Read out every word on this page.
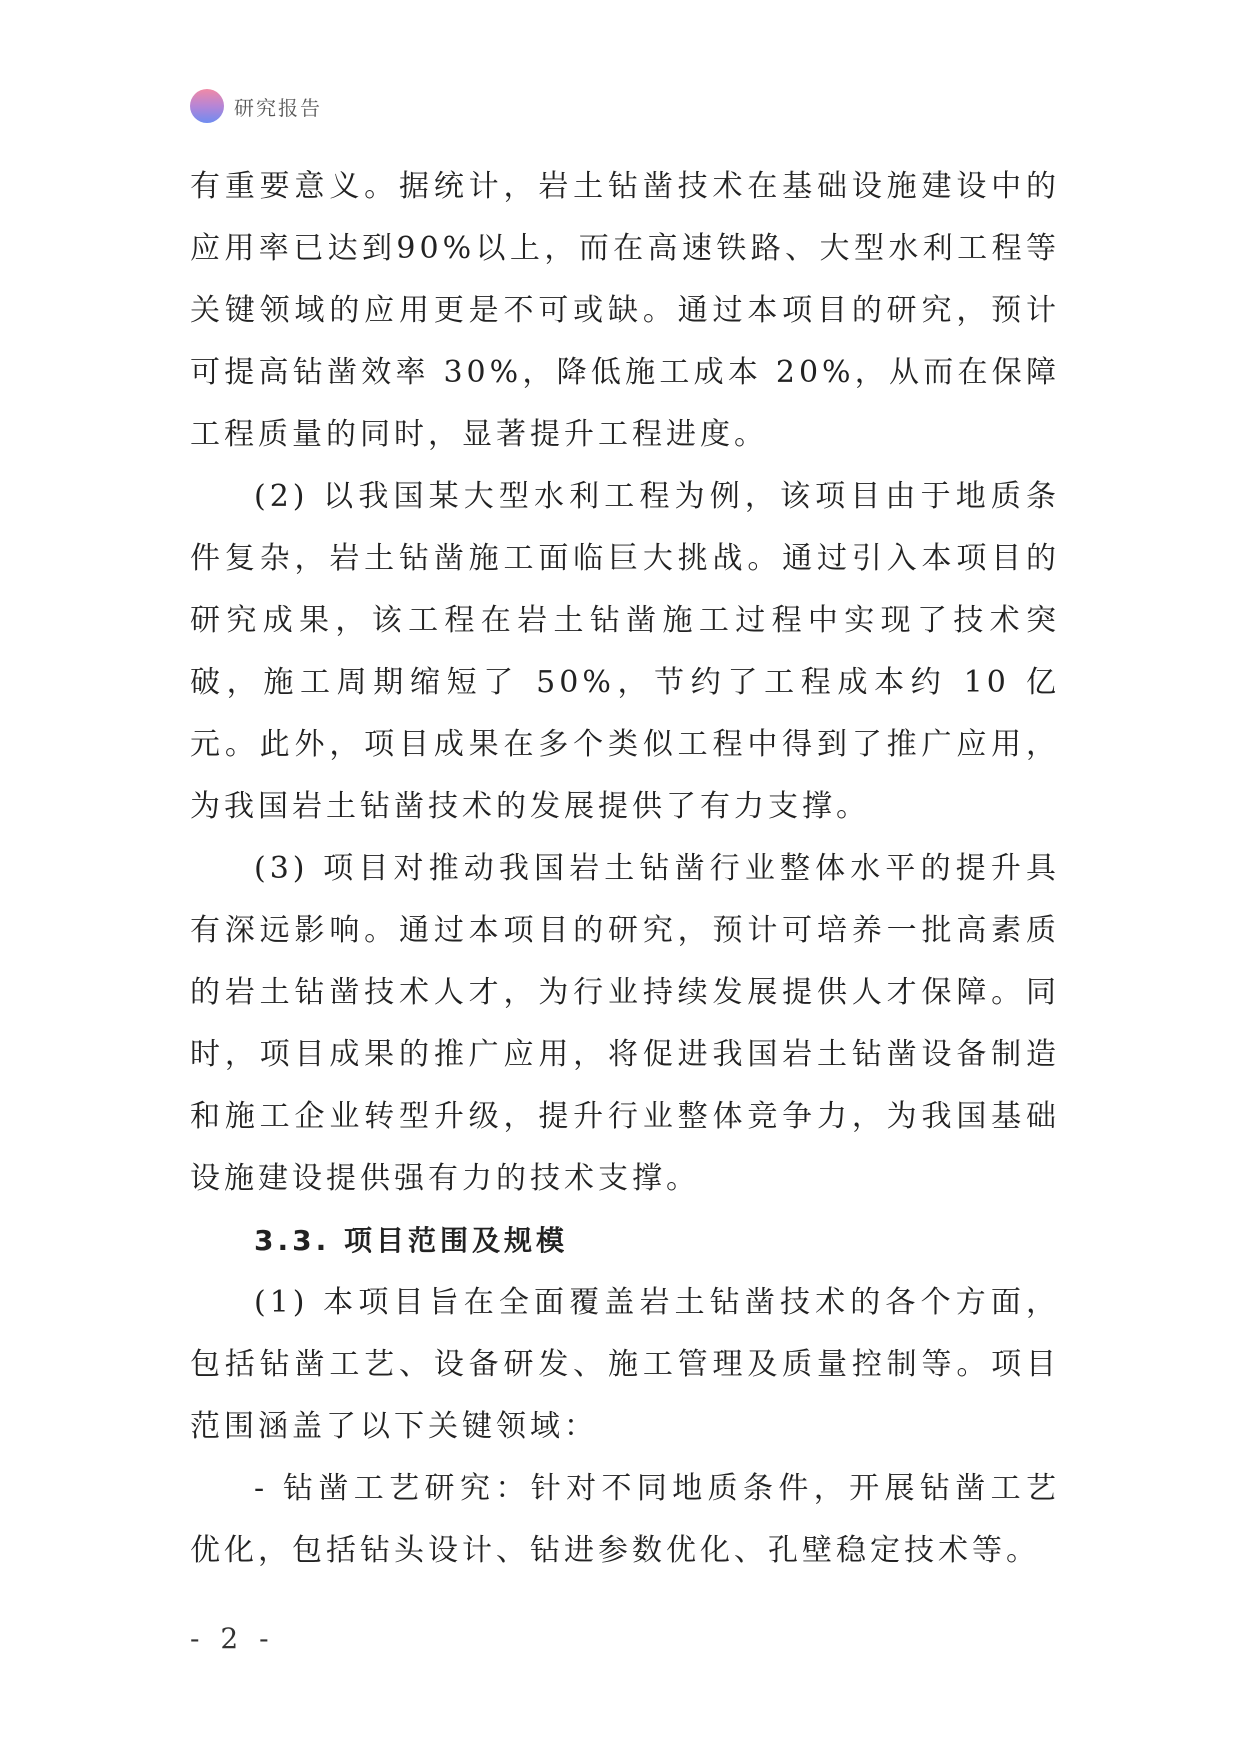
研究报告

有重要意义。据统计，岩土钻凿技术在基础设施建设中的应用率已达到90%以上，而在高速铁路、大型水利工程等关键领域的应用更是不可或缺。通过本项目的研究，预计可提高钻凿效率 30%，降低施工成本 20%，从而在保障工程质量的同时，显著提升工程进度。

(2) 以我国某大型水利工程为例，该项目由于地质条件复杂，岩土钻凿施工面临巨大挑战。通过引入本项目的研究成果，该工程在岩土钻凿施工过程中实现了技术突破，施工周期缩短了 50%，节约了工程成本约 10 亿元。此外，项目成果在多个类似工程中得到了推广应用，为我国岩土钻凿技术的发展提供了有力支撑。

(3) 项目对推动我国岩土钻凿行业整体水平的提升具有深远影响。通过本项目的研究，预计可培养一批高素质的岩土钻凿技术人才，为行业持续发展提供人才保障。同时，项目成果的推广应用，将促进我国岩土钻凿设备制造和施工企业转型升级，提升行业整体竞争力，为我国基础设施建设提供强有力的技术支撑。

3.3. 项目范围及规模

(1) 本项目旨在全面覆盖岩土钻凿技术的各个方面，包括钻凿工艺、设备研发、施工管理及质量控制等。项目范围涵盖了以下关键领域：

- 钻凿工艺研究：针对不同地质条件，开展钻凿工艺优化，包括钻头设计、钻进参数优化、孔壁稳定技术等。

- 2 -
